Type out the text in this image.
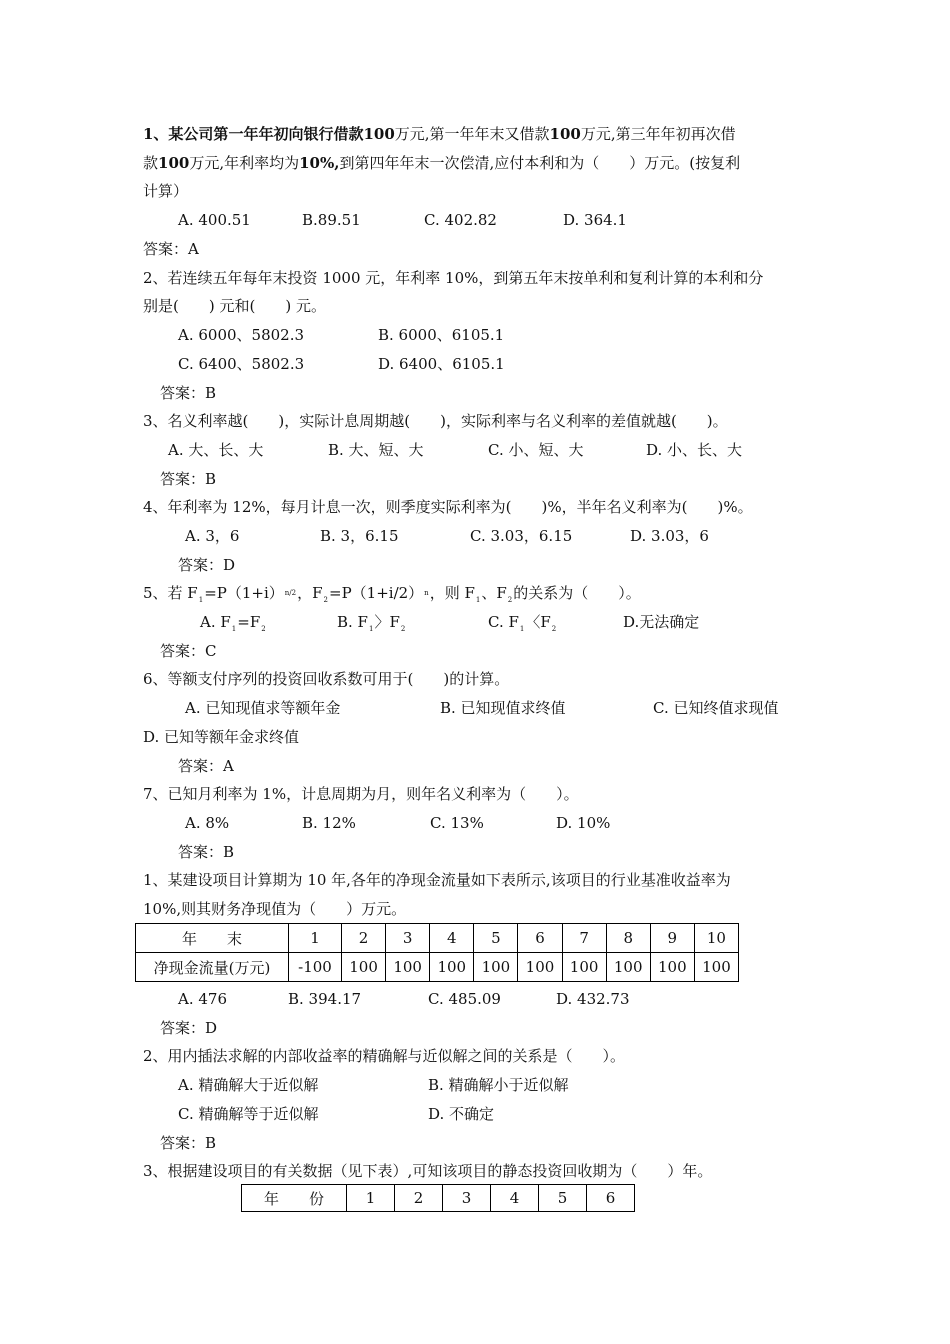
1、某公司第一年年初向银行借款100万元,第一年年末又借款100万元,第三年年初再次借
款100万元,年利率均为10%,到第四年年末一次偿清,应付本利和为（　　）万元。(按复利
计算）
A. 400.51	B.89.51	C. 402.82	D. 364.1
答案：A
2、若连续五年每年末投资 1000 元，年利率 10%，到第五年末按单利和复利计算的本利和分
别是(　　) 元和(　　) 元。
A. 6000、5802.3	B. 6000、6105.1
C. 6400、5802.3	D. 6400、6105.1
答案：B
3、名义利率越(　　)，实际计息周期越(　　)，实际利率与名义利率的差值就越(　　)。
A. 大、长、大	B. 大、短、大	C. 小、短、大	D. 小、长、大
答案：B
4、年利率为 12%，每月计息一次，则季度实际利率为(　　)%，半年名义利率为(　　)%。
A. 3，6	B. 3，6.15	C. 3.03，6.15	D. 3.03，6
答案：D
5、若 $F_1=P(1+i)^{n/2}$，$F_2=P(1+i/2)^n$，则 $F_1$、$F_2$的关系为（　　）。
A. $F_1=F_2$	B. $F_1$〉$F_2$	C. $F_1$〈$F_2$	D.无法确定
答案：C
6、等额支付序列的投资回收系数可用于(　　)的计算。
A. 已知现值求等额年金	B. 已知现值求终值	C. 已知终值求现值
D. 已知等额年金求终值
答案：A
7、已知月利率为 1%，计息周期为月，则年名义利率为（　　）。
A. 8%	B. 12%	C. 13%	D. 10%
答案：B
1、某建设项目计算期为 10 年,各年的净现金流量如下表所示,该项目的行业基准收益率为
10%,则其财务净现值为（　　）万元。
年　　末	1	2	3	4	5	6	7	8	9	10
净现金流量(万元)	-100	100	100	100	100	100	100	100	100	100
A. 476	B. 394.17	C. 485.09	D. 432.73
答案：D
2、用内插法求解的内部收益率的精确解与近似解之间的关系是（　　）。
A. 精确解大于近似解	B. 精确解小于近似解
C. 精确解等于近似解	D. 不确定
答案：B
3、根据建设项目的有关数据（见下表）,可知该项目的静态投资回收期为（　　）年。
年　　份	1	2	3	4	5	6
